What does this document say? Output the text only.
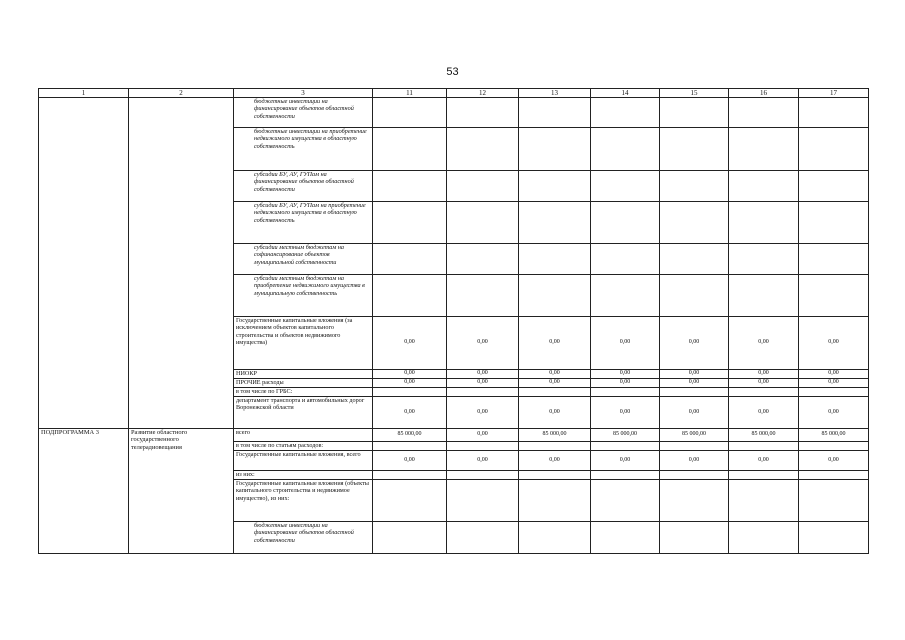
53
1	2	3	11	12	13	14	15	16	17
		бюджетные инвестиции на финансирование объектов областной собственности							
		бюджетные инвестиции на приобретение недвижимого имущества в областную собственность							
		субсидии БУ, АУ, ГУПам на финансирование объектов областной собственности							
		субсидии БУ, АУ, ГУПам на приобретение недвижимого имущества в областную собственность							
		субсидии местным бюджетам на софинансирование объектов муниципальной собственности							
		субсидии местным бюджетам на приобретение недвижимого имущества в муниципальную собственность							
		Государственные капитальные вложения (за исключением объектов капитального строительства и объектов недвижимого имущества)	0,00	0,00	0,00	0,00	0,00	0,00	0,00
		НИОКР	0,00	0,00	0,00	0,00	0,00	0,00	0,00
		ПРОЧИЕ расходы	0,00	0,00	0,00	0,00	0,00	0,00	0,00
		в том числе по ГРБС:							
		департамент транспорта и автомобильных дорог Воронежской области	0,00	0,00	0,00	0,00	0,00	0,00	0,00
ПОДПРОГРАММА 3	Развитие областного государственного телерадиовещания	всего	85 000,00	0,00	85 000,00	85 000,00	85 000,00	85 000,00	85 000,00
		в том числе по статьям расходов:							
		Государственные капитальные вложения, всего	0,00	0,00	0,00	0,00	0,00	0,00	0,00
		из них:							
		Государственные капитальные вложения (объекты капитального строительства и недвижимое имущество), из них:							
		бюджетные инвестиции на финансирование объектов областной собственности							
